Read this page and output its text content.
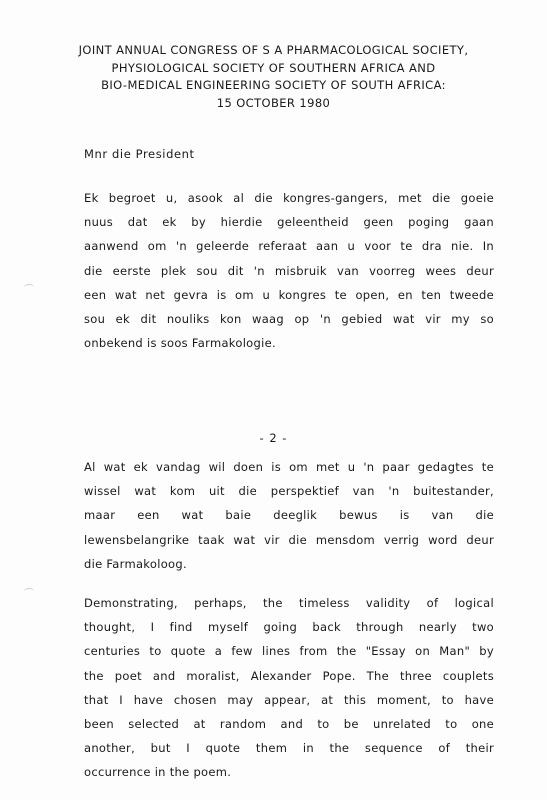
JOINT ANNUAL CONGRESS OF S A PHARMACOLOGICAL SOCIETY,
PHYSIOLOGICAL SOCIETY OF SOUTHERN AFRICA AND
BIO-MEDICAL ENGINEERING SOCIETY OF SOUTH AFRICA:
15 OCTOBER 1980
Mnr die President
Ek begroet u, asook al die kongres-gangers, met die goeie
nuus dat ek by hierdie geleentheid geen poging gaan
aanwend om 'n geleerde referaat aan u voor te dra nie. In
die eerste plek sou dit 'n misbruik van voorreg wees deur
een wat net gevra is om u kongres te open, en ten tweede
sou ek dit nouliks kon waag op 'n gebied wat vir my so
onbekend is soos Farmakologie.
- 2 -
Al wat ek vandag wil doen is om met u 'n paar gedagtes te
wissel wat kom uit die perspektief van 'n buitestander,
maar een wat baie deeglik bewus is van die
lewensbelangrike taak wat vir die mensdom verrig word deur
die Farmakoloog.
Demonstrating, perhaps, the timeless validity of logical
thought, I find myself going back through nearly two
centuries to quote a few lines from the "Essay on Man" by
the poet and moralist, Alexander Pope. The three couplets
that I have chosen may appear, at this moment, to have
been selected at random and to be unrelated to one
another, but I quote them in the sequence of their
occurrence in the poem.
